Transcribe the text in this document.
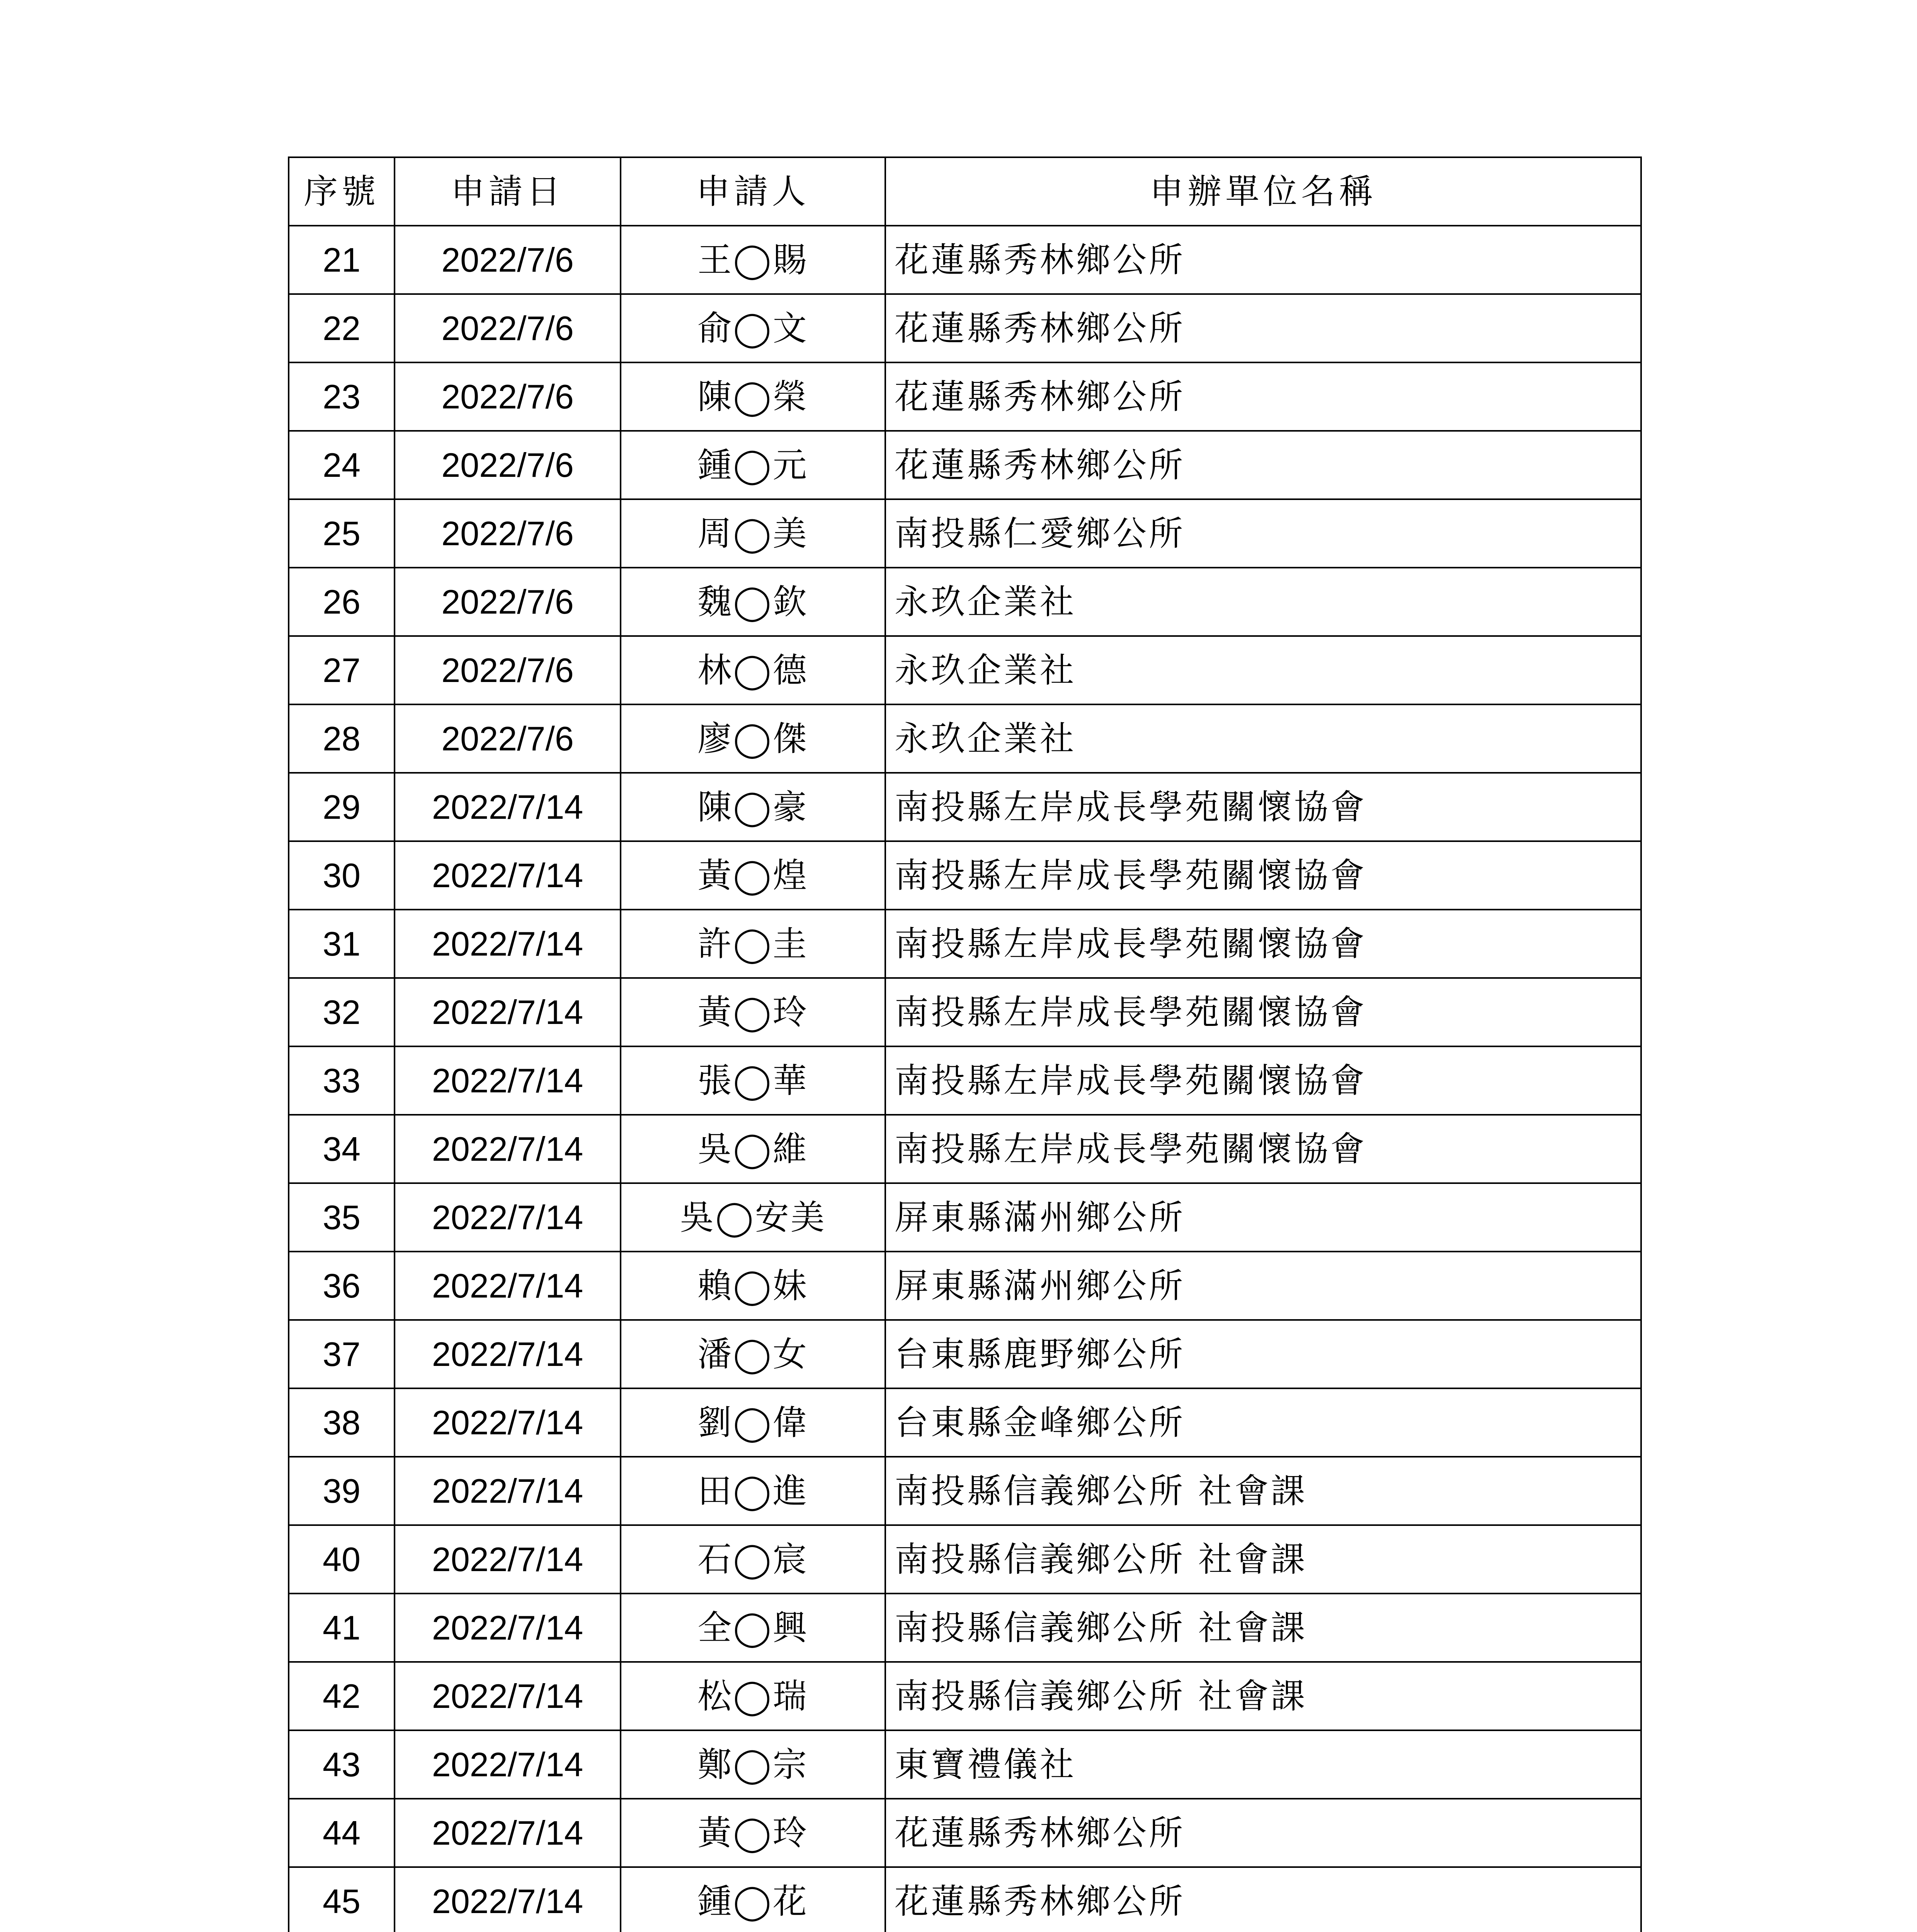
序號	申請日	申請人	申辦單位名稱
21	2022/7/6	王◯賜	花蓮縣秀林鄉公所
22	2022/7/6	俞◯文	花蓮縣秀林鄉公所
23	2022/7/6	陳◯榮	花蓮縣秀林鄉公所
24	2022/7/6	鍾◯元	花蓮縣秀林鄉公所
25	2022/7/6	周◯美	南投縣仁愛鄉公所
26	2022/7/6	魏◯欽	永玖企業社
27	2022/7/6	林◯德	永玖企業社
28	2022/7/6	廖◯傑	永玖企業社
29	2022/7/14	陳◯豪	南投縣左岸成長學苑關懷協會
30	2022/7/14	黃◯煌	南投縣左岸成長學苑關懷協會
31	2022/7/14	許◯圭	南投縣左岸成長學苑關懷協會
32	2022/7/14	黃◯玲	南投縣左岸成長學苑關懷協會
33	2022/7/14	張◯華	南投縣左岸成長學苑關懷協會
34	2022/7/14	吳◯維	南投縣左岸成長學苑關懷協會
35	2022/7/14	吳◯安美	屏東縣滿州鄉公所
36	2022/7/14	賴◯妹	屏東縣滿州鄉公所
37	2022/7/14	潘◯女	台東縣鹿野鄉公所
38	2022/7/14	劉◯偉	台東縣金峰鄉公所
39	2022/7/14	田◯進	南投縣信義鄉公所 社會課
40	2022/7/14	石◯宸	南投縣信義鄉公所 社會課
41	2022/7/14	全◯興	南投縣信義鄉公所 社會課
42	2022/7/14	松◯瑞	南投縣信義鄉公所 社會課
43	2022/7/14	鄭◯宗	東寶禮儀社
44	2022/7/14	黃◯玲	花蓮縣秀林鄉公所
45	2022/7/14	鍾◯花	花蓮縣秀林鄉公所
